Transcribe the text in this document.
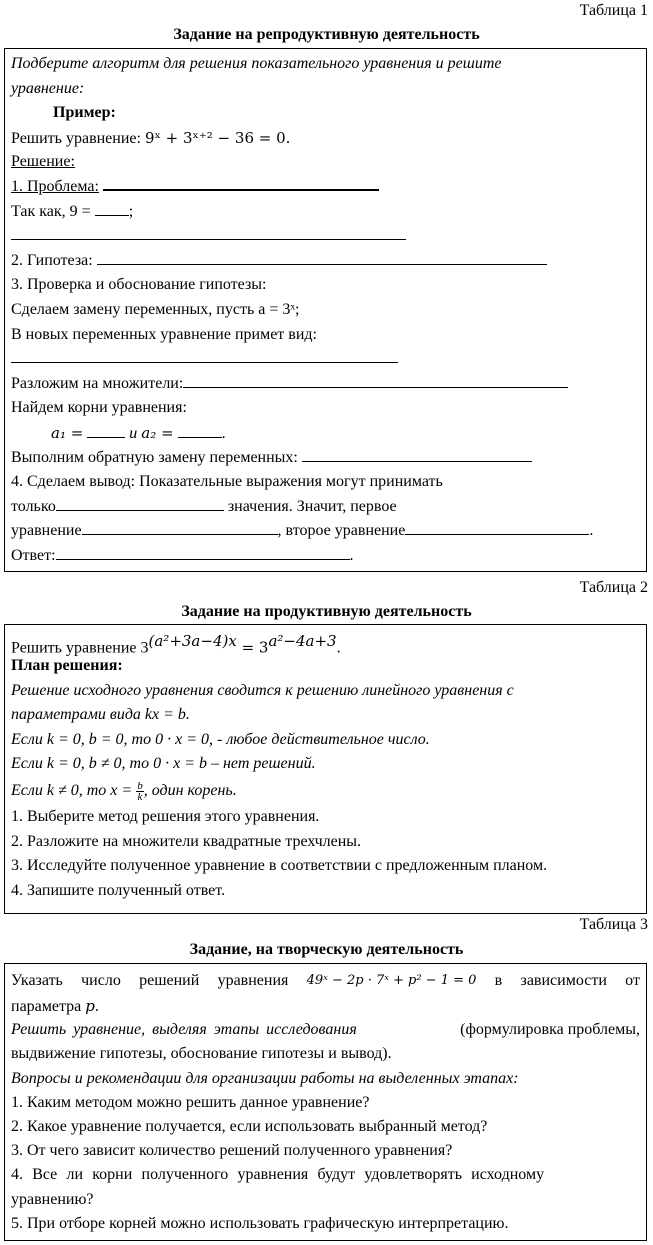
Таблица 1
Задание на репродуктивную деятельность
Подберите алгоритм для решения показательного уравнения и решите
уравнение:
Пример:
Решить уравнение: 9ˣ + 3ˣ⁺² − 36 = 0.
Решение:
1. Проблема:
Так как, 9 = ;
2. Гипотеза:
3. Проверка и обоснование гипотезы:
Сделаем замену переменных, пусть a = 3ˣ;
В новых переменных уравнение примет вид:
Разложим на множители:
Найдем корни уравнения:
a₁ =	и a₂ =	.
Выполним обратную замену переменных:
4. Сделаем вывод: Показательные выражения могут принимать
только	значения. Значит, первое
уравнение	, второе уравнение	.
Ответ:	.
Таблица 2
Задание на продуктивную деятельность
Решить уравнение $3^{(a^2+3a-4)x} = 3^{a^2-4a+3}$.
План решения:
Решение исходного уравнения сводится к решению линейного уравнения с
параметрами вида kx = b.
Если k = 0, b = 0, то 0 · x = 0, - любое действительное число.
Если k = 0, b ≠ 0, то 0 · x = b – нет решений.
Если k ≠ 0, то $x = \frac{b}{k}$ , один корень.
1. Выберите метод решения этого уравнения.
2. Разложите на множители квадратные трехчлены.
3. Исследуйте полученное уравнение в соответствии с предложенным планом.
4. Запишите полученный ответ.
Таблица 3
Задание, на творческую деятельность
Указать число решений уравнения 49ˣ − 2p · 7ˣ + p² − 1 = 0 в зависимости от
параметра p.
Решить уравнение, выделяя этапы исследования	(формулировка проблемы,
выдвижение гипотезы, обоснование гипотезы и вывод).
Вопросы и рекомендации для организации работы на выделенных этапах:
1. Каким методом можно решить данное уравнение?
2. Какое уравнение получается, если использовать выбранный метод?
3. От чего зависит количество решений полученного уравнения?
4. Все ли корни полученного уравнения будут удовлетворять исходному
уравнению?
5. При отборе корней можно использовать графическую интерпретацию.
